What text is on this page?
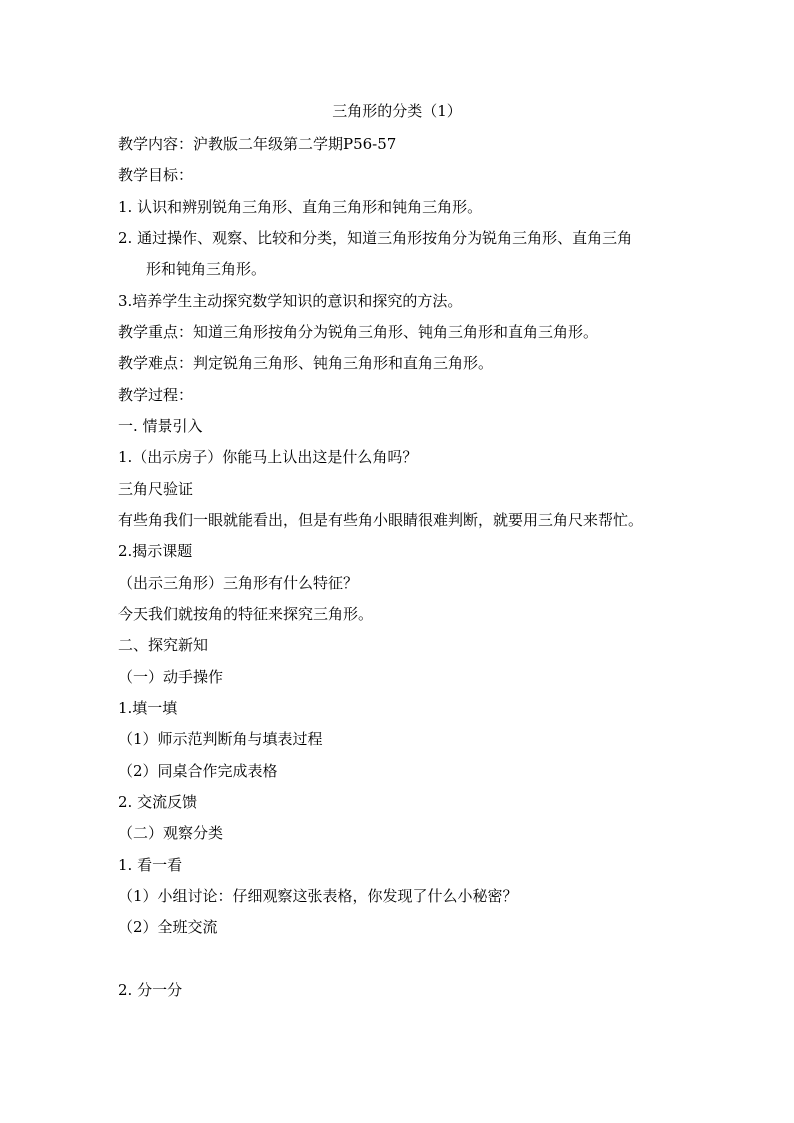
三角形的分类（1）
教学内容：沪教版二年级第二学期P56-57
教学目标：
1. 认识和辨别锐角三角形、直角三角形和钝角三角形。
2. 通过操作、观察、比较和分类，知道三角形按角分为锐角三角形、直角三角
形和钝角三角形。
3.培养学生主动探究数学知识的意识和探究的方法。
教学重点：知道三角形按角分为锐角三角形、钝角三角形和直角三角形。
教学难点：判定锐角三角形、钝角三角形和直角三角形。
教学过程：
一. 情景引入
1.（出示房子）你能马上认出这是什么角吗？
三角尺验证
有些角我们一眼就能看出，但是有些角小眼睛很难判断，就要用三角尺来帮忙。
2.揭示课题
（出示三角形）三角形有什么特征？
今天我们就按角的特征来探究三角形。
二、探究新知
（一）动手操作
1.填一填
（1）师示范判断角与填表过程
（2）同桌合作完成表格
2. 交流反馈
（二）观察分类
1. 看一看
（1）小组讨论：仔细观察这张表格，你发现了什么小秘密？
（2）全班交流
2. 分一分
